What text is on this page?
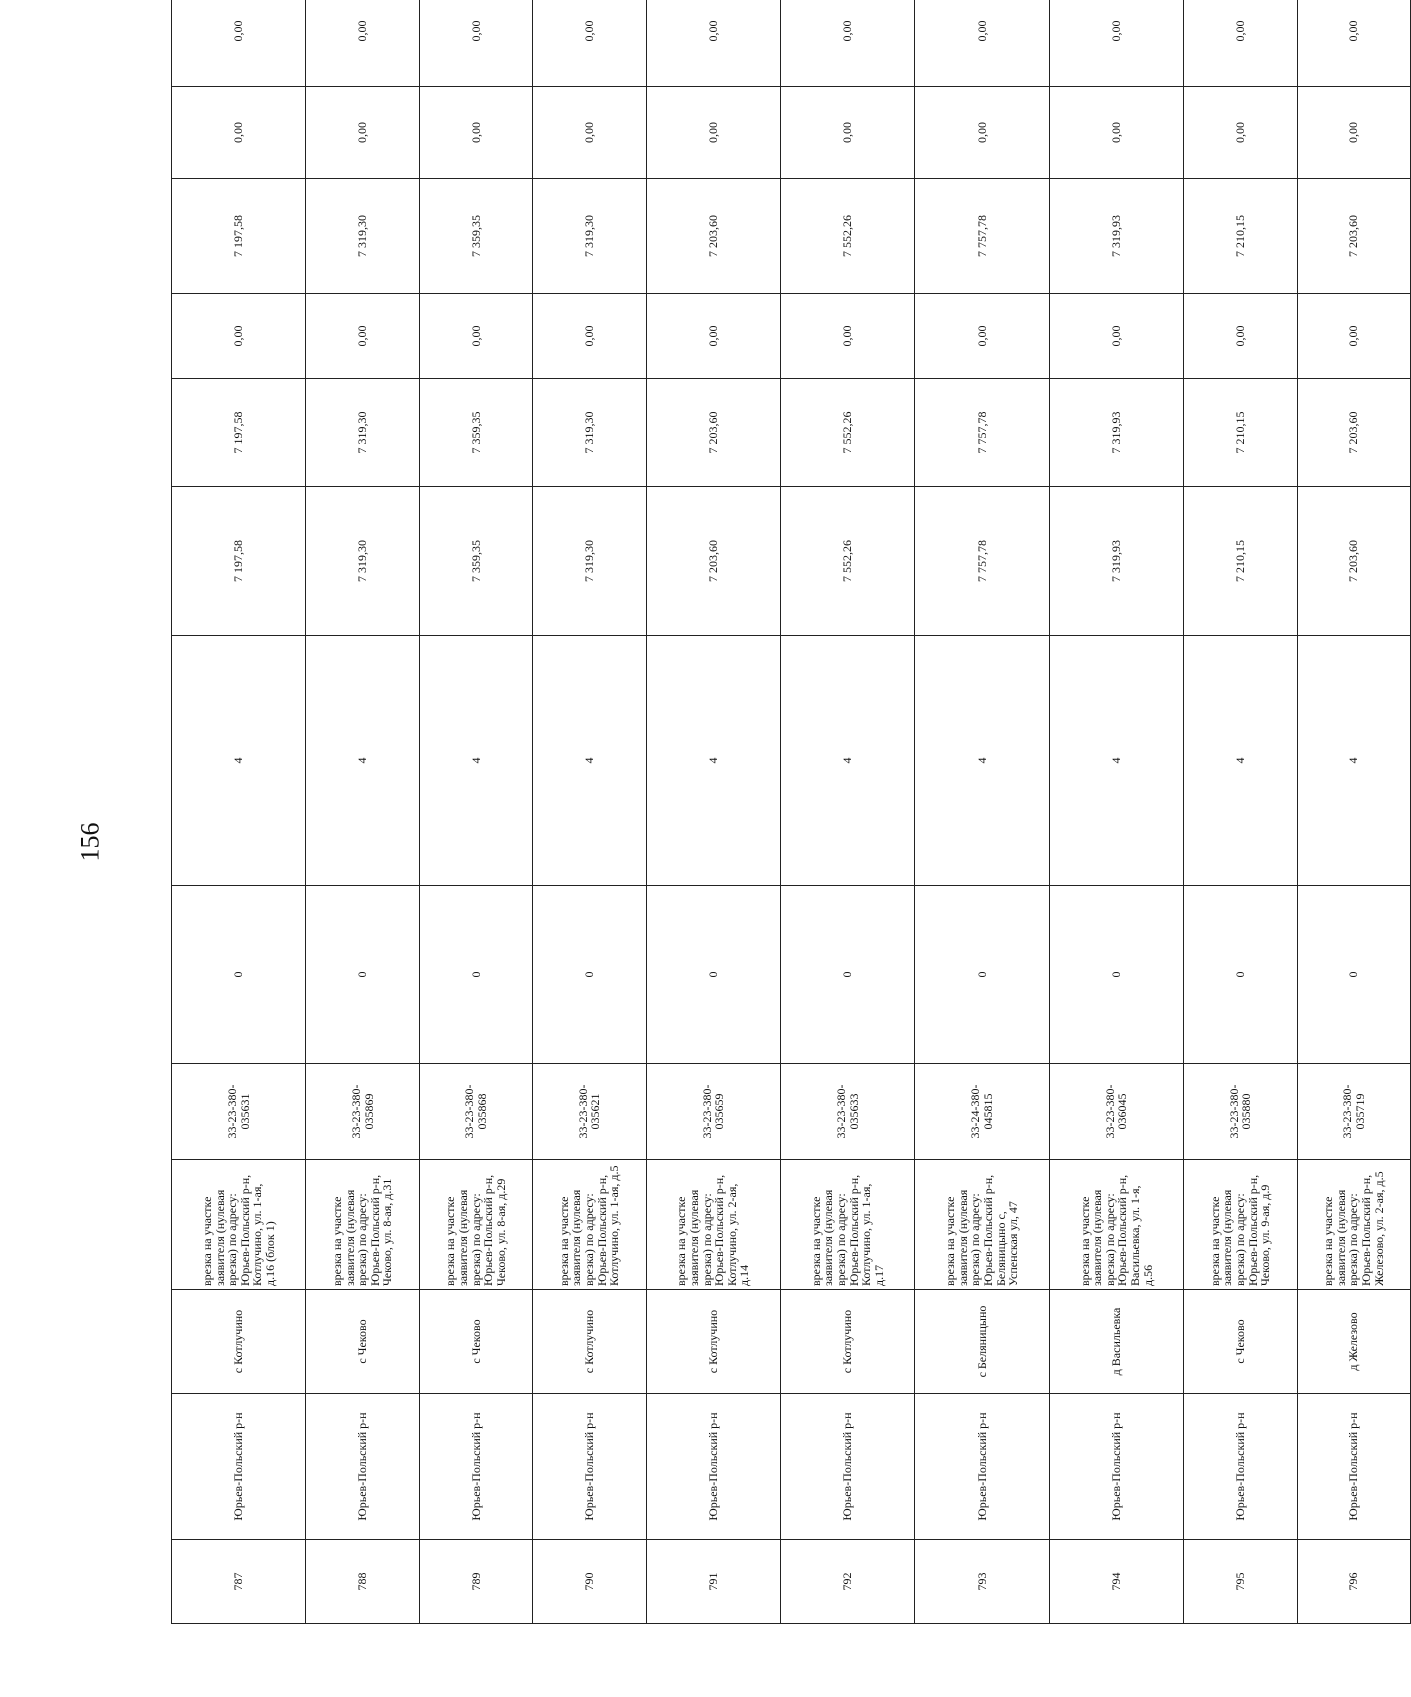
156
787	Юрьев-Польский р-н	с Котлучино	врезка на участке заявителя (нулевая врезка) по адресу: Юрьев-Польский р-н, Котлучино, ул. 1-ая, д.16 (блок 1)	33-23-380-035631	0	4	7 197,58	7 197,58	0,00	7 197,58	0,00	0,00
788	Юрьев-Польский р-н	с Чеково	врезка на участке заявителя (нулевая врезка) по адресу: Юрьев-Польский р-н, Чеково, ул. 8-ая, д.31	33-23-380-035869	0	4	7 319,30	7 319,30	0,00	7 319,30	0,00	0,00
789	Юрьев-Польский р-н	с Чеково	врезка на участке заявителя (нулевая врезка) по адресу: Юрьев-Польский р-н, Чеково, ул. 8-ая, д.29	33-23-380-035868	0	4	7 359,35	7 359,35	0,00	7 359,35	0,00	0,00
790	Юрьев-Польский р-н	с Котлучино	врезка на участке заявителя (нулевая врезка) по адресу: Юрьев-Польский р-н, Котлучино, ул. 1-ая, д.5	33-23-380-035621	0	4	7 319,30	7 319,30	0,00	7 319,30	0,00	0,00
791	Юрьев-Польский р-н	с Котлучино	врезка на участке заявителя (нулевая врезка) по адресу: Юрьев-Польский р-н, Котлучино, ул. 2-ая, д.14	33-23-380-035659	0	4	7 203,60	7 203,60	0,00	7 203,60	0,00	0,00
792	Юрьев-Польский р-н	с Котлучино	врезка на участке заявителя (нулевая врезка) по адресу: Юрьев-Польский р-н, Котлучино, ул. 1-ая, д.17	33-23-380-035633	0	4	7 552,26	7 552,26	0,00	7 552,26	0,00	0,00
793	Юрьев-Польский р-н	с Беляницыно	врезка на участке заявителя (нулевая врезка) по адресу: Юрьев-Польский р-н, Беляницыно с, Успенская ул, 47	33-24-380-045815	0	4	7 757,78	7 757,78	0,00	7 757,78	0,00	0,00
794	Юрьев-Польский р-н	д Васильевка	врезка на участке заявителя (нулевая врезка) по адресу: Юрьев-Польский р-н, Васильевка, ул. 1-я, д.56	33-23-380-036045	0	4	7 319,93	7 319,93	0,00	7 319,93	0,00	0,00
795	Юрьев-Польский р-н	с Чеково	врезка на участке заявителя (нулевая врезка) по адресу: Юрьев-Польский р-н, Чеково, ул. 9-ая, д.9	33-23-380-035880	0	4	7 210,15	7 210,15	0,00	7 210,15	0,00	0,00
796	Юрьев-Польский р-н	д Железово	врезка на участке заявителя (нулевая врезка) по адресу: Юрьев-Польский р-н, Железово, ул. 2-ая, д.5	33-23-380-035719	0	4	7 203,60	7 203,60	0,00	7 203,60	0,00	0,00
